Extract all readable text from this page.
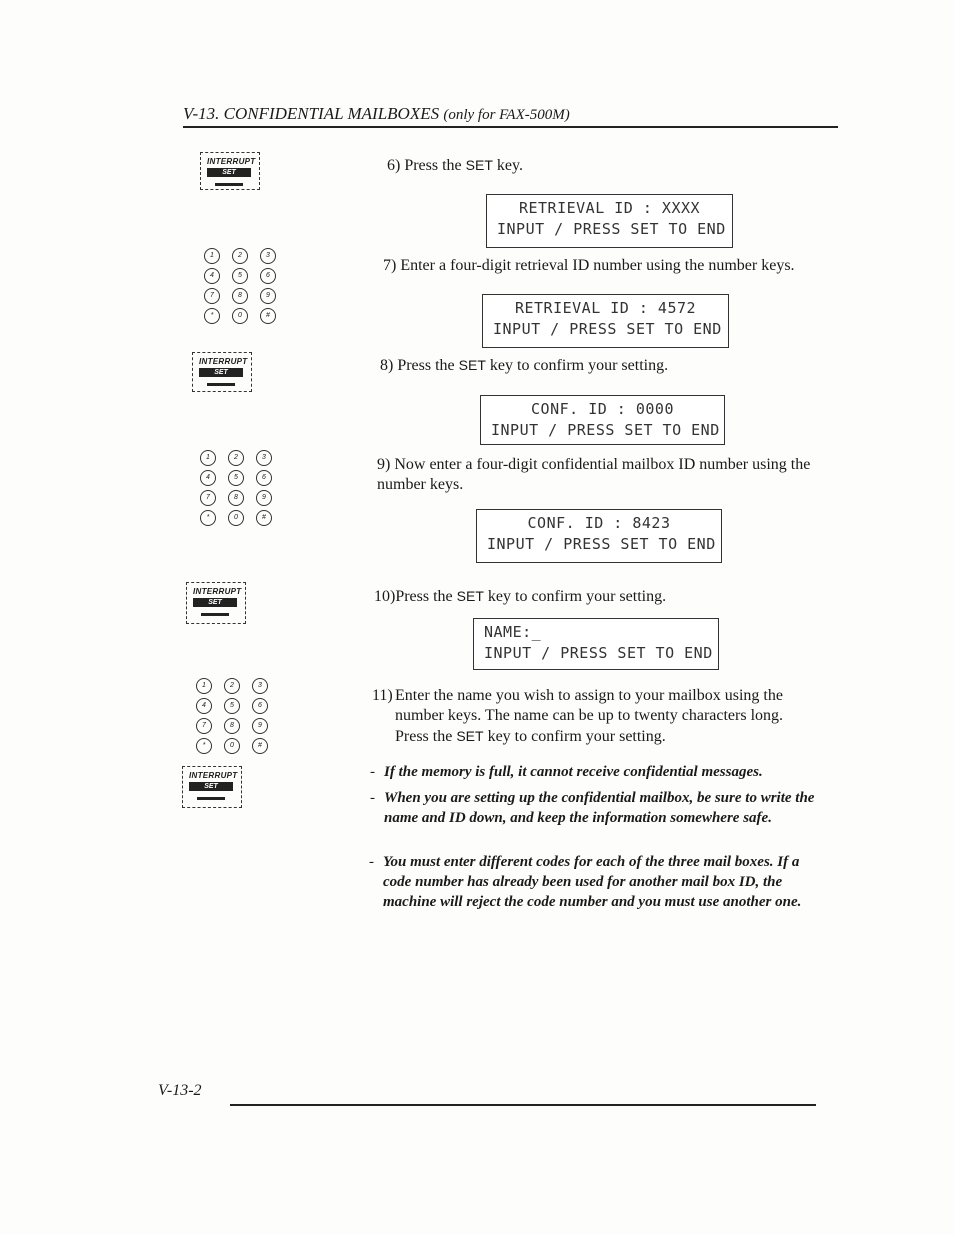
V-13. CONFIDENTIAL MAILBOXES (only for FAX-500M)
INTERRUPT
SET
1	2	3
4	5	6
7	8	9
*	0	#
INTERRUPT
SET
1	2	3
4	5	6
7	8	9
*	0	#
INTERRUPT
SET
1	2	3
4	5	6
7	8	9
*	0	#
INTERRUPT
SET
6) Press the SET key.
RETRIEVAL ID : XXXX
INPUT / PRESS SET TO END
7) Enter a four-digit retrieval ID number using the number keys.
RETRIEVAL ID : 4572
INPUT / PRESS SET TO END
8) Press the SET key to confirm your setting.
CONF. ID : 0000
INPUT / PRESS SET TO END
9) Now enter a four-digit confidential mailbox ID number using the number keys.
CONF. ID : 8423
INPUT / PRESS SET TO END
10)Press the SET key to confirm your setting.
NAME:_
INPUT / PRESS SET TO END
11) Enter the name you wish to assign to your mailbox using the number keys. The name can be up to twenty characters long.
Press the SET key to confirm your setting.
- If the memory is full, it cannot receive confidential messages.
- When you are setting up the confidential mailbox, be sure to write the name and ID down, and keep the information somewhere safe.
- You must enter different codes for each of the three mail boxes. If a code number has already been used for another mail box ID, the machine will reject the code number and you must use another one.
V-13-2
